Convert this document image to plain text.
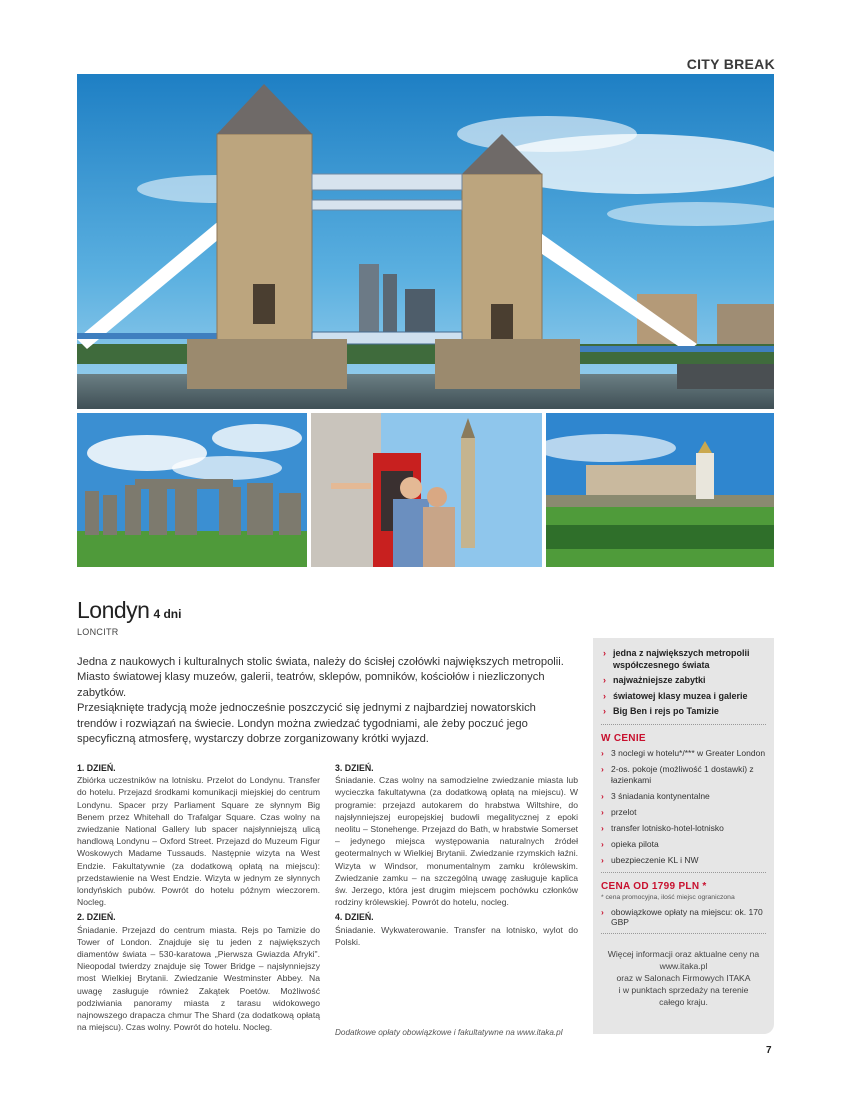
CITY BREAK
Londyn 4 dni
LONCITR

Jedna z naukowych i kulturalnych stolic świata, należy do ścisłej czołówki największych metropolii.

Miasto światowej klasy muzeów, galerii, teatrów, sklepów, pomników, kościołów i niezliczonych zabytków.

Przesiąknięte tradycją może jednocześnie poszczycić się jednymi z najbardziej nowatorskich trendów i rozwiązań na świecie. Londyn można zwiedzać tygodniami, ale żeby poczuć jego specyficzną atmosferę, wystarczy dobrze zorganizowany krótki wyjazd.

1. DZIEŃ.

Zbiórka uczestników na lotnisku. Przelot do Londynu. Transfer do hotelu. Przejazd środkami komunikacji miejskiej do centrum Londynu. Spacer przy Parliament Square ze słynnym Big Benem przez Whitehall do Trafalgar Square. Czas wolny na zwiedzanie National Gallery lub spacer najsłynniejszą ulicą handlową Londynu – Oxford Street. Przejazd do Muzeum Figur Woskowych Madame Tussauds. Następnie wizyta na West Endzie. Fakultatywnie (za dodatkową opłatą na miejscu): przedstawienie na West Endzie. Wizyta w jednym ze słynnych londyńskich pubów. Powrót do hotelu późnym wieczorem. Nocleg.

2. DZIEŃ.

Śniadanie. Przejazd do centrum miasta. Rejs po Tamizie do Tower of London. Znajduje się tu jeden z największych diamentów świata – 530-karatowa „Pierwsza Gwiazda Afryki". Nieopodal twierdzy znajduje się Tower Bridge – najsłynniejszy most Wielkiej Brytanii. Zwiedzanie Westminster Abbey. Na uwagę zasługuje również Zakątek Poetów. Możliwość podziwiania panoramy miasta z tarasu widokowego najnowszego drapacza chmur The Shard (za dodatkową opłatą na miejscu). Czas wolny. Powrót do hotelu. Nocleg.

3. DZIEŃ.

Śniadanie. Czas wolny na samodzielne zwiedzanie miasta lub wycieczka fakultatywna (za dodatkową opłatą na miejscu). W programie: przejazd autokarem do hrabstwa Wiltshire, do najsłynniejszej europejskiej budowli megalitycznej z epoki neolitu – Stonehenge. Przejazd do Bath, w hrabstwie Somerset – jedynego miejsca występowania naturalnych źródeł geotermalnych w Wielkiej Brytanii. Zwiedzanie rzymskich łaźni. Wizyta w Windsor, monumentalnym zamku królewskim. Zwiedzanie zamku – na szczególną uwagę zasługuje kaplica św. Jerzego, która jest drugim miejscem pochówku członków rodziny królewskiej. Powrót do hotelu, nocleg.

4. DZIEŃ.

Śniadanie. Wykwaterowanie. Transfer na lotnisko, wylot do Polski.

Dodatkowe opłaty obowiązkowe i fakultatywne na www.itaka.pl
› jedna z największych metropolii współczesnego świata
› najważniejsze zabytki
› światowej klasy muzea i galerie
› Big Ben i rejs po Tamizie
W CENIE
› 3 noclegi w hotelu*/*** w Greater London
› 2-os. pokoje (możliwość 1 dostawki) z łazienkami
› 3 śniadania kontynentalne
› przelot
› transfer lotnisko-hotel-lotnisko
› opieka pilota
› ubezpieczenie KL i NW
CENA OD 1799 PLN *
* cena promocyjna, ilość miejsc ograniczona
› obowiązkowe opłaty na miejscu: ok. 170 GBP
Więcej informacji oraz aktualne ceny na
www.itaka.pl
oraz w Salonach Firmowych ITAKA
i w punktach sprzedaży na terenie
całego kraju.
7
